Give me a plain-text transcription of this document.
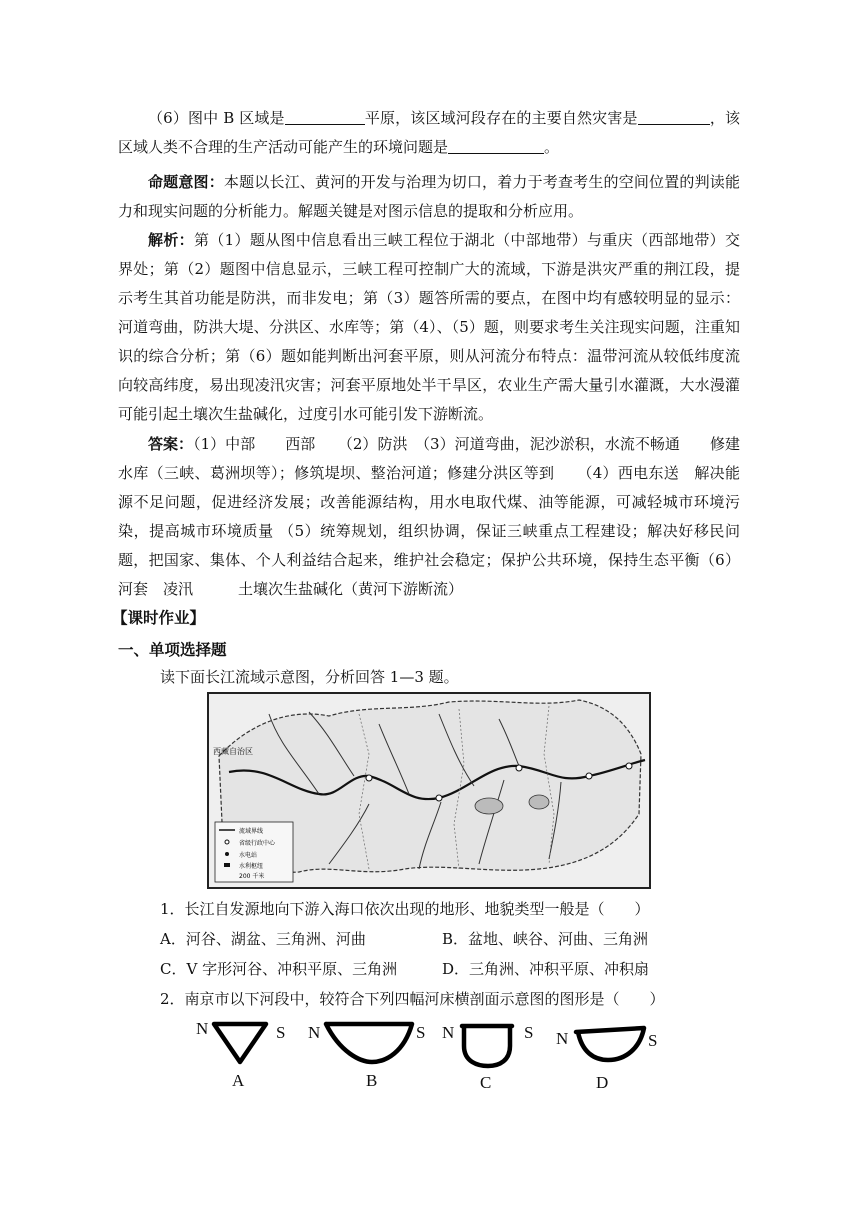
（6）图中 B 区域是	平原，该区域河段存在的主要自然灾害是	，该区域人类不合理的生产活动可能产生的环境问题是	。
命题意图：本题以长江、黄河的开发与治理为切口，着力于考查考生的空间位置的判读能力和现实问题的分析能力。解题关键是对图示信息的提取和分析应用。
解析：第（1）题从图中信息看出三峡工程位于湖北（中部地带）与重庆（西部地带）交界处；第（2）题图中信息显示，三峡工程可控制广大的流域，下游是洪灾严重的荆江段，提示考生其首功能是防洪，而非发电；第（3）题答所需的要点，在图中均有感较明显的显示：河道弯曲，防洪大堤、分洪区、水库等；第（4）、（5）题，则要求考生关注现实问题，注重知识的综合分析；第（6）题如能判断出河套平原，则从河流分布特点：温带河流从较低纬度流向较高纬度，易出现凌汛灾害；河套平原地处半干旱区，农业生产需大量引水灌溉，大水漫灌可能引起土壤次生盐碱化，过度引水可能引发下游断流。
答案：（1）中部　　西部　　（2）防洪　（3）河道弯曲，泥沙淤积，水流不畅通　　修建水库（三峡、葛洲坝等）；修筑堤坝、整治河道；修建分洪区等到　　（4）西电东送　解决能源不足问题，促进经济发展；改善能源结构，用水电取代煤、油等能源，可减轻城市环境污染，提高城市环境质量 （5）统筹规划，组织协调，保证三峡重点工程建设；解决好移民问题，把国家、集体、个人利益结合起来，维护社会稳定；保护公共环境，保持生态平衡（6）河套　凌汛　　　土壤次生盐碱化（黄河下游断流）
【课时作业】
一、单项选择题
读下面长江流域示意图，分析回答 1—3 题。
西藏自治区
流域界线
省级行政中心
水电站
水利枢纽
200 千米
1．长江自发源地向下游入海口依次出现的地形、地貌类型一般是（　　）
A．河谷、湖盆、三角洲、河曲	B．盆地、峡谷、河曲、三角洲
C．V 字形河谷、冲积平原、三角洲	D．三角洲、冲积平原、冲积扇
2．南京市以下河段中，较符合下列四幅河床横剖面示意图的图形是（　　）
N	S
A
N	S
B
N	S
C
N	S
D
